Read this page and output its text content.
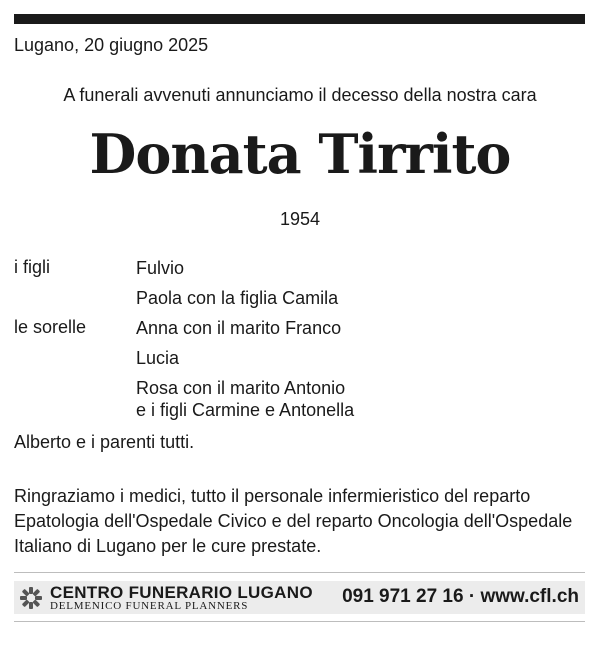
Lugano, 20 giugno 2025
A funerali avvenuti annunciamo il decesso della nostra cara
Donata Tirrito
1954
i figli	Fulvio
Paola con la figlia Camila
le sorelle	Anna con il marito Franco
Lucia
Rosa con il marito Antonio
e i figli Carmine e Antonella
Alberto e i parenti tutti.
Ringraziamo i medici, tutto il personale infermieristico del reparto Epatologia dell'Ospedale Civico e del reparto Oncologia dell'Ospedale Italiano di Lugano per le cure prestate.
CENTRO FUNERARIO LUGANO
DELMENICO FUNERAL PLANNERS	091 971 27 16 · www.cfl.ch
